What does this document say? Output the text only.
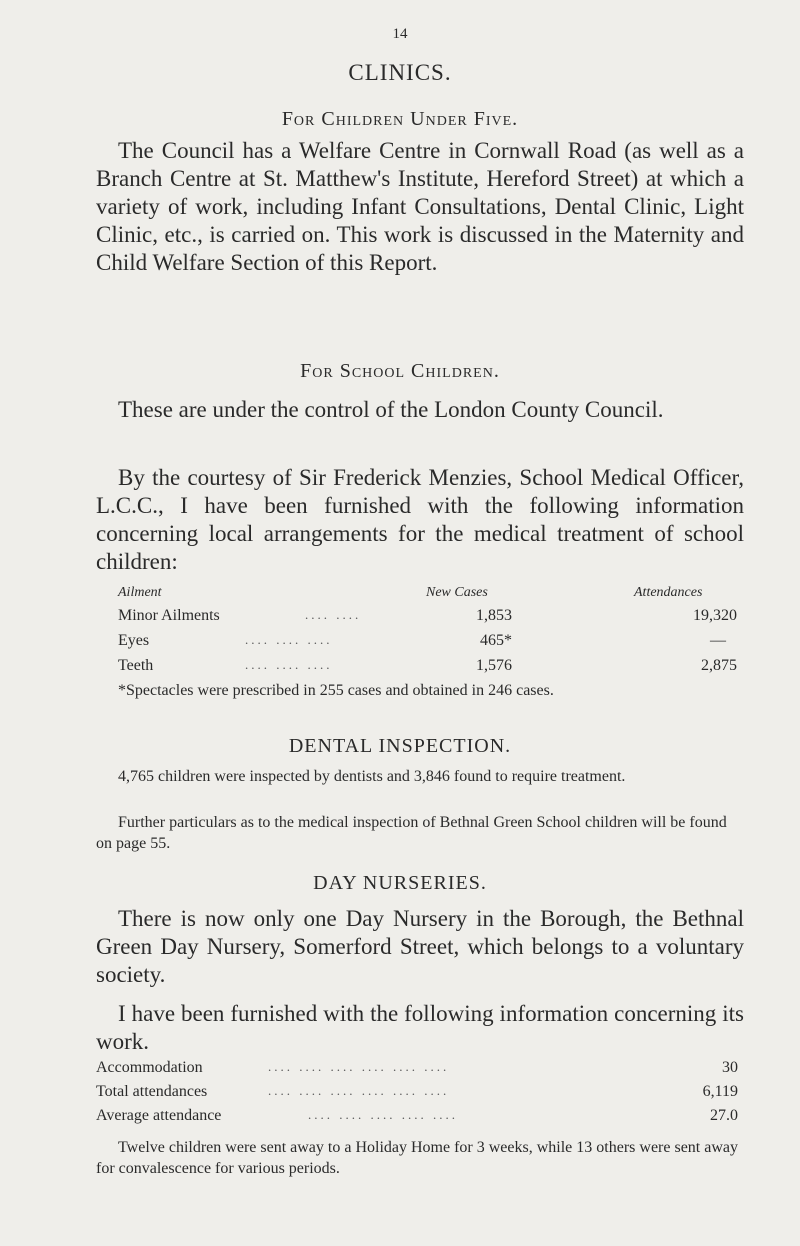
14
CLINICS.
For Children Under Five.

The Council has a Welfare Centre in Cornwall Road (as well as a Branch Centre at St. Matthew's Institute, Hereford Street) at which a variety of work, including Infant Consultations, Dental Clinic, Light Clinic, etc., is carried on. This work is discussed in the Maternity and Child Welfare Section of this Report.

For School Children.

These are under the control of the London County Council.

By the courtesy of Sir Frederick Menzies, School Medical Officer, L.C.C., I have been furnished with the following information concerning local arrangements for the medical treatment of school children:

Ailment	New Cases	Attendances
Minor Ailments	.... ....	1,853	19,320
Eyes	.... .... ....	465*	—
Teeth	.... .... ....	1,576	2,875
*Spectacles were prescribed in 255 cases and obtained in 246 cases.
DENTAL INSPECTION.
4,765 children were inspected by dentists and 3,846 found to require treatment.
Further particulars as to the medical inspection of Bethnal Green School children will be found on page 55.
DAY NURSERIES.

There is now only one Day Nursery in the Borough, the Bethnal Green Day Nursery, Somerford Street, which belongs to a voluntary society.

I have been furnished with the following information concerning its work.

Accommodation	.... .... .... .... .... ....	30
Total attendances	.... .... .... .... .... ....	6,119
Average attendance	.... .... .... .... ....	27.0
Twelve children were sent away to a Holiday Home for 3 weeks, while 13 others were sent away for convalescence for various periods.
